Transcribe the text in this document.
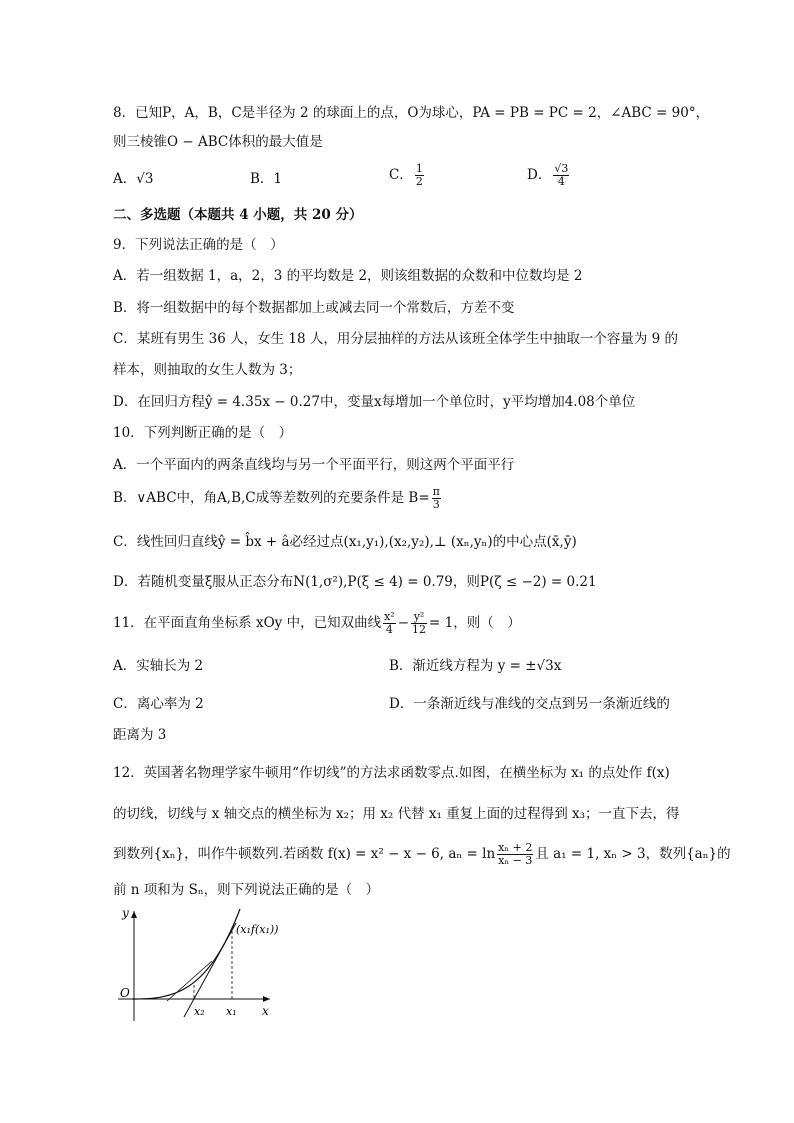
8．已知P，A，B，C是半径为 2 的球面上的点，O为球心，PA = PB = PC = 2，∠ABC = 90°，
则三棱锥O − ABC体积的最大值是
A．√3	B．1	C． $\frac{1}{2}$	D． $\frac{√3}{4}$
二、多选题（本题共 4 小题，共 20 分）
9．下列说法正确的是（　）
A．若一组数据 1，a，2，3 的平均数是 2，则该组数据的众数和中位数均是 2
B．将一组数据中的每个数据都加上或减去同一个常数后，方差不变
C．某班有男生 36 人，女生 18 人，用分层抽样的方法从该班全体学生中抽取一个容量为 9 的
样本，则抽取的女生人数为 3；
D．在回归方程ŷ = 4.35x − 0.27中，变量x每增加一个单位时，y平均增加4.08个单位
10．下列判断正确的是（　）
A．一个平面内的两条直线均与另一个平面平行，则这两个平面平行
B．∨ABC中，角A,B,C成等差数列的充要条件是 $B= \frac{\pi}{3}$
C．线性回归直线ŷ = b̂x + â必经过点(x₁,y₁),(x₂,y₂),⊥ (xₙ,yₙ)的中心点(x̄,ȳ)
D．若随机变量ξ服从正态分布N(1,σ²),P(ξ ≤ 4) = 0.79，则P(ζ ≤ −2) = 0.21
11．在平面直角坐标系 xOy 中，已知双曲线 $\frac{\text{x²}}{4} - \frac{\text{y²}}{12} = 1$，则（　）
A．实轴长为 2	B．渐近线方程为 y = ±√3x
C．离心率为 2	D．一条渐近线与准线的交点到另一条渐近线的
距离为 3
12．英国著名物理学家牛顿用“作切线”的方法求函数零点.如图，在横坐标为 x₁ 的点处作 f(x)
的切线，切线与 x 轴交点的横坐标为 x₂；用 x₂ 代替 x₁ 重复上面的过程得到 x₃；一直下去，得
到数列{xₙ}，叫作牛顿数列.若函数 f(x) = x² − x − 6, $a_n = \ln \frac{\text{xₙ + 2}}{\text{xₙ − 3}}$ 且 a₁ = 1, xₙ > 3，数列{aₙ}的
前 n 项和为 Sₙ，则下列说法正确的是（　）
y
O
x
x₂ x₁
(x₁f(x₁))
